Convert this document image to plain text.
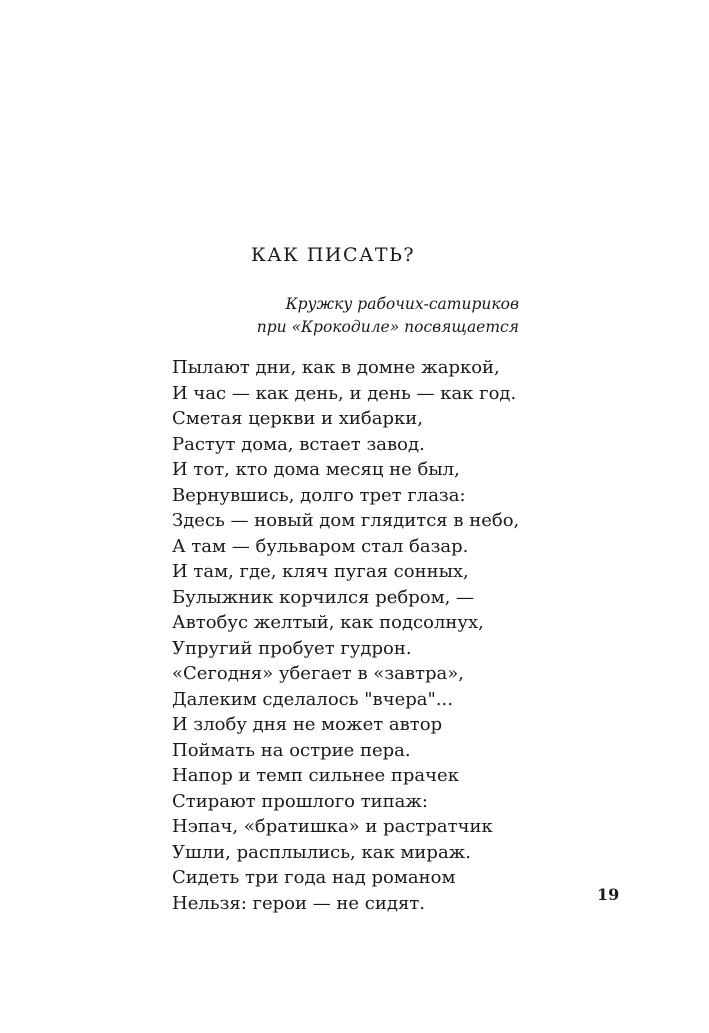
КАК ПИСАТЬ?
Кружку рабочих-сатириков
при «Крокодиле» посвящается
Пылают дни, как в домне жаркой,
И час — как день, и день — как год.
Сметая церкви и хибарки,
Растут дома, встает завод.
И тот, кто дома месяц не был,
Вернувшись, долго трет глаза:
Здесь — новый дом глядится в небо,
А там — бульваром стал базар.
И там, где, кляч пугая сонных,
Булыжник корчился ребром, —
Автобус желтый, как подсолнух,
Упругий пробует гудрон.
«Сегодня» убегает в «завтра»,
Далеким сделалось "вчера"...
И злобу дня не может автор
Поймать на острие пера.
Напор и темп сильнее прачек
Стирают прошлого типаж:
Нэпач, «братишка» и растратчик
Ушли, расплылись, как мираж.
Сидеть три года над романом
Нельзя: герои — не сидят.	19
